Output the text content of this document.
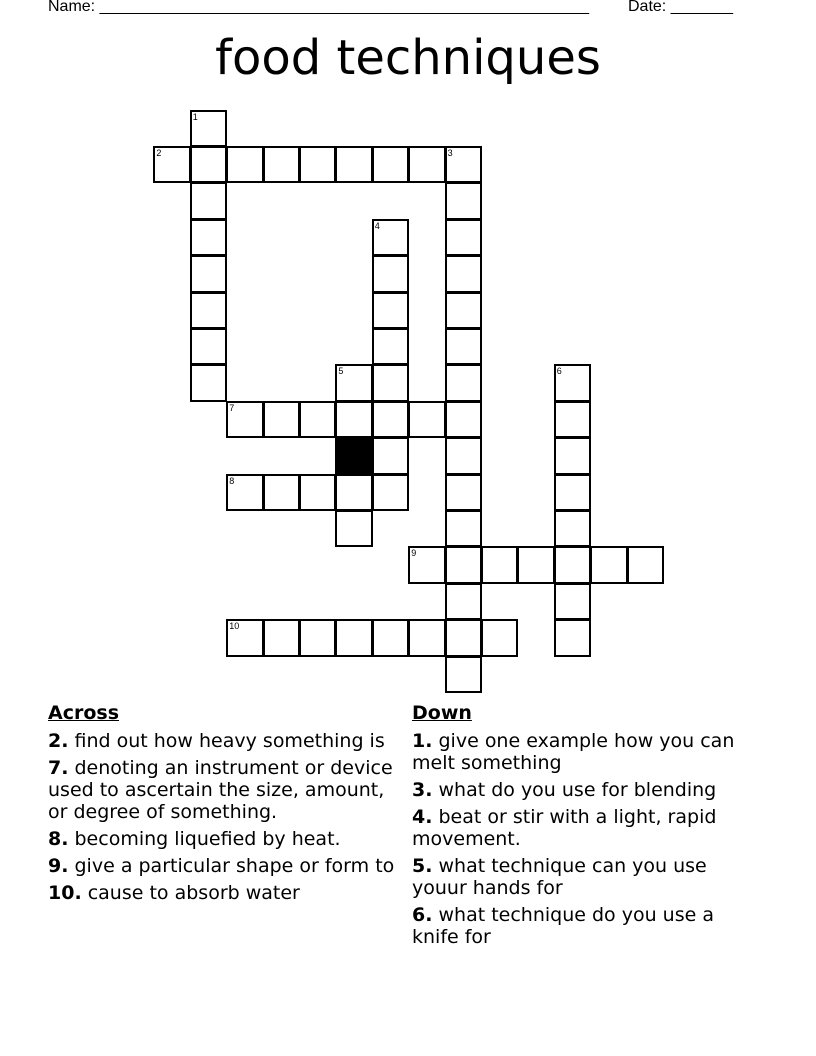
Name: _______________________________________________________ Date: _______
food techniques
2
1
3
4
5
7
8
6
9
10
Across
2. find out how heavy something is
7. denoting an instrument or device used to ascertain the size, amount, or degree of something.
8. becoming liquefied by heat.
9. give a particular shape or form to
10. cause to absorb water
Down
1. give one example how you can melt something
3. what do you use for blending
4. beat or stir with a light, rapid movement.
5. what technique can you use youur hands for
6. what technique do you use a knife for
